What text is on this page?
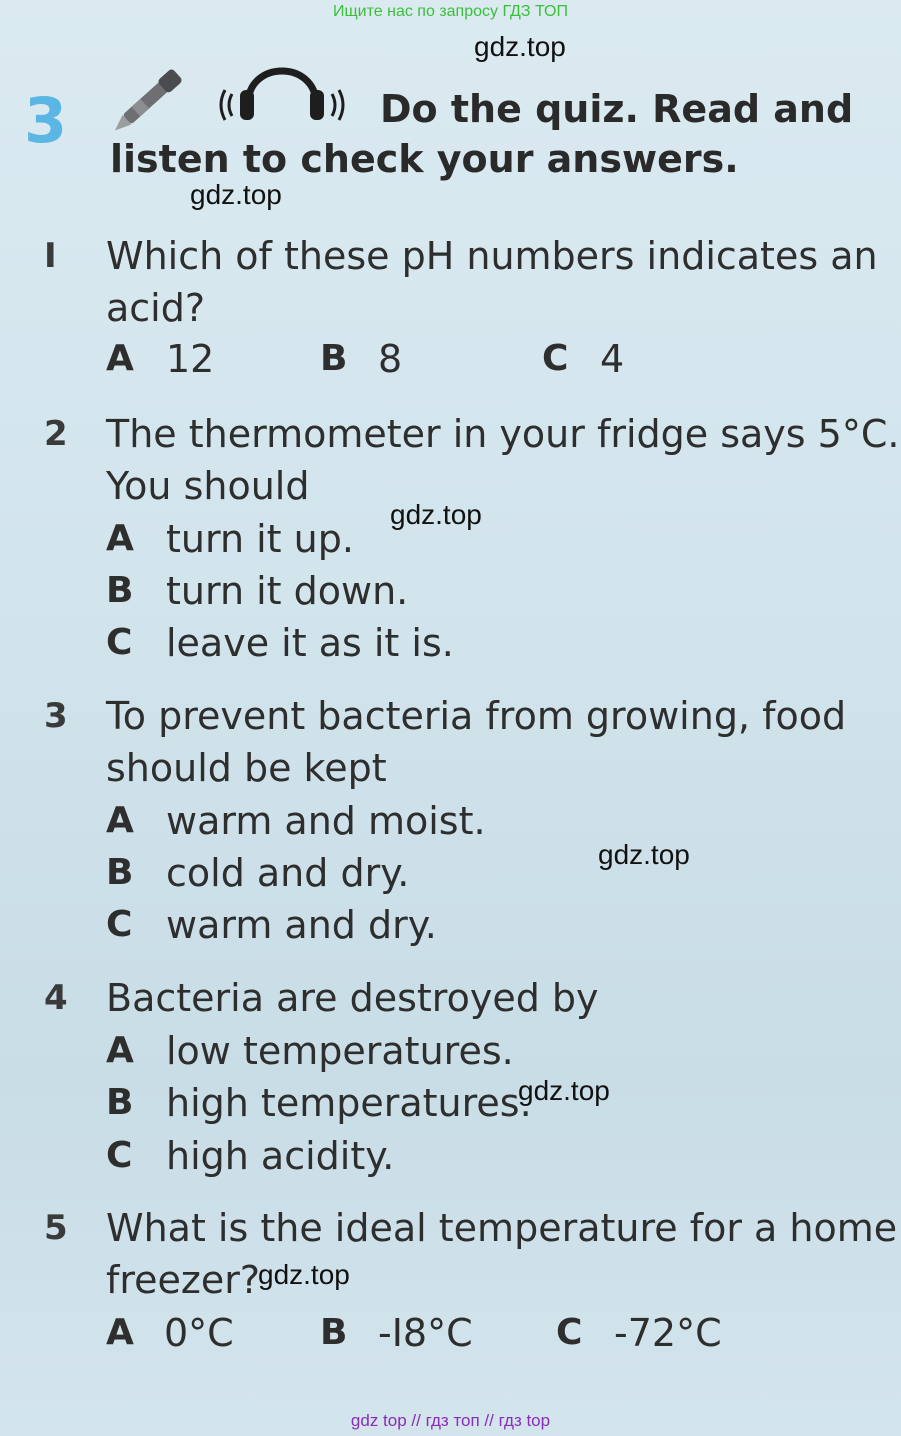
Ищите нас по запросу ГДЗ ТОП
3	Do the quiz. Read and
listen to check your answers.
I	Which of these pH numbers indicates an
acid?
A 12	B 8	C 4
2 The thermometer in your fridge says 5°C.
You should
A turn it up.
B turn it down.
C leave it as it is.
3 To prevent bacteria from growing, food
should be kept
A warm and moist.
B cold and dry.
C warm and dry.
4 Bacteria are destroyed by
A low temperatures.
B high temperatures.
C high acidity.
5 What is the ideal temperature for a home
freezer?
A 0°C B -I8°C C -72°C
gdz.top
gdz.top
gdz.top
gdz.top
gdz.top
gdz.top
gdz top // гдз топ // гдз top
